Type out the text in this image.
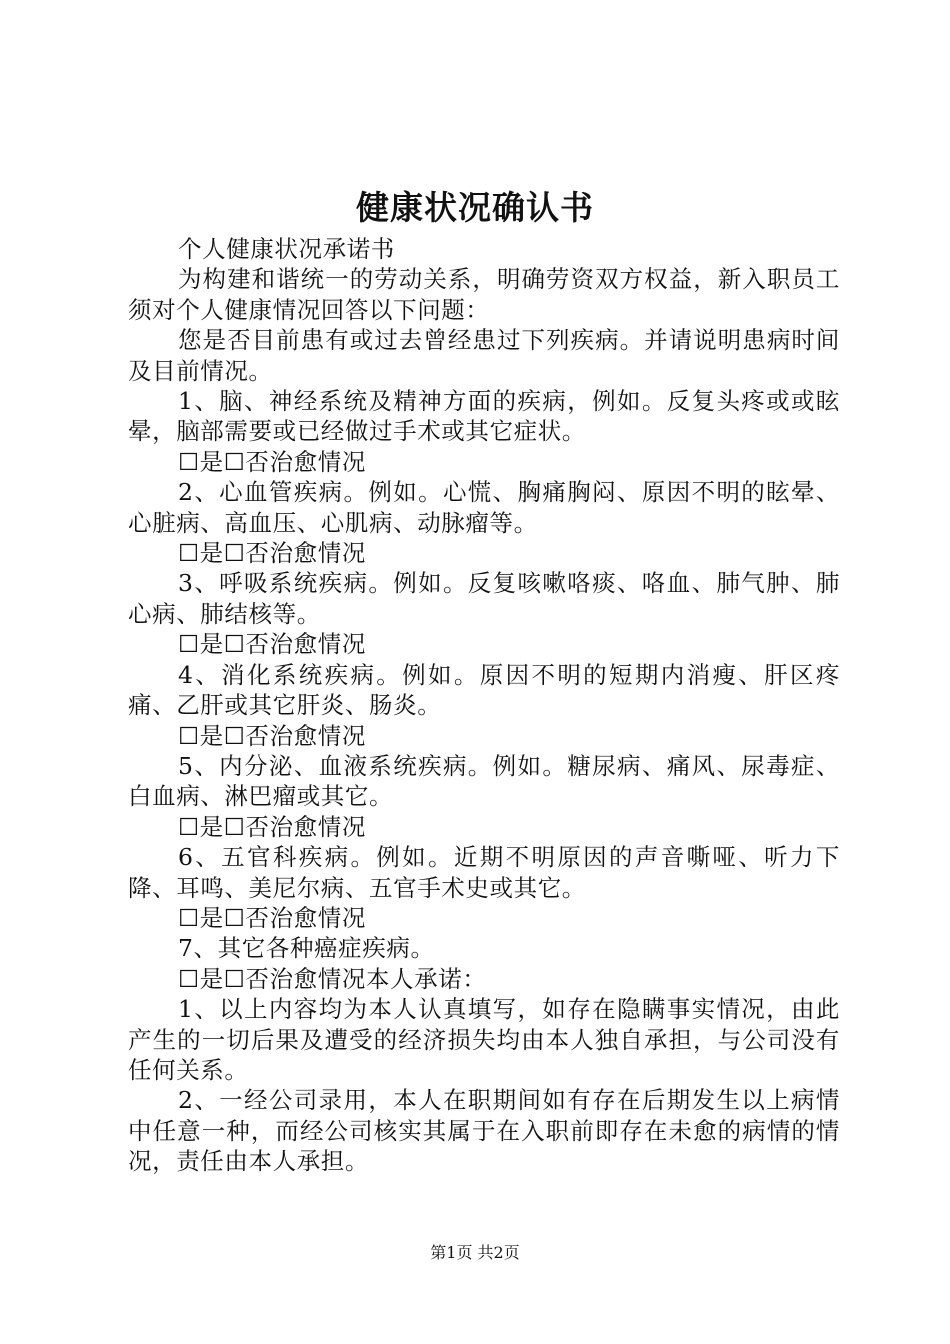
健康状况确认书

个人健康状况承诺书

为构建和谐统一的劳动关系，明确劳资双方权益，新入职员工须对个人健康情况回答以下问题：

您是否目前患有或过去曾经患过下列疾病。并请说明患病时间及目前情况。

1、脑、神经系统及精神方面的疾病，例如。反复头疼或或眩晕，脑部需要或已经做过手术或其它症状。

☐是☐否治愈情况

2、心血管疾病。例如。心慌、胸痛胸闷、原因不明的眩晕、心脏病、高血压、心肌病、动脉瘤等。

☐是☐否治愈情况

3、呼吸系统疾病。例如。反复咳嗽咯痰、咯血、肺气肿、肺心病、肺结核等。

☐是☐否治愈情况

4、消化系统疾病。例如。原因不明的短期内消瘦、肝区疼痛、乙肝或其它肝炎、肠炎。

☐是☐否治愈情况

5、内分泌、血液系统疾病。例如。糖尿病、痛风、尿毒症、白血病、淋巴瘤或其它。

☐是☐否治愈情况

6、五官科疾病。例如。近期不明原因的声音嘶哑、听力下降、耳鸣、美尼尔病、五官手术史或其它。

☐是☐否治愈情况

7、其它各种癌症疾病。

☐是☐否治愈情况本人承诺：

1、以上内容均为本人认真填写，如存在隐瞒事实情况，由此产生的一切后果及遭受的经济损失均由本人独自承担，与公司没有任何关系。

2、一经公司录用，本人在职期间如有存在后期发生以上病情中任意一种，而经公司核实其属于在入职前即存在未愈的病情的情况，责任由本人承担。

第1页 共2页
